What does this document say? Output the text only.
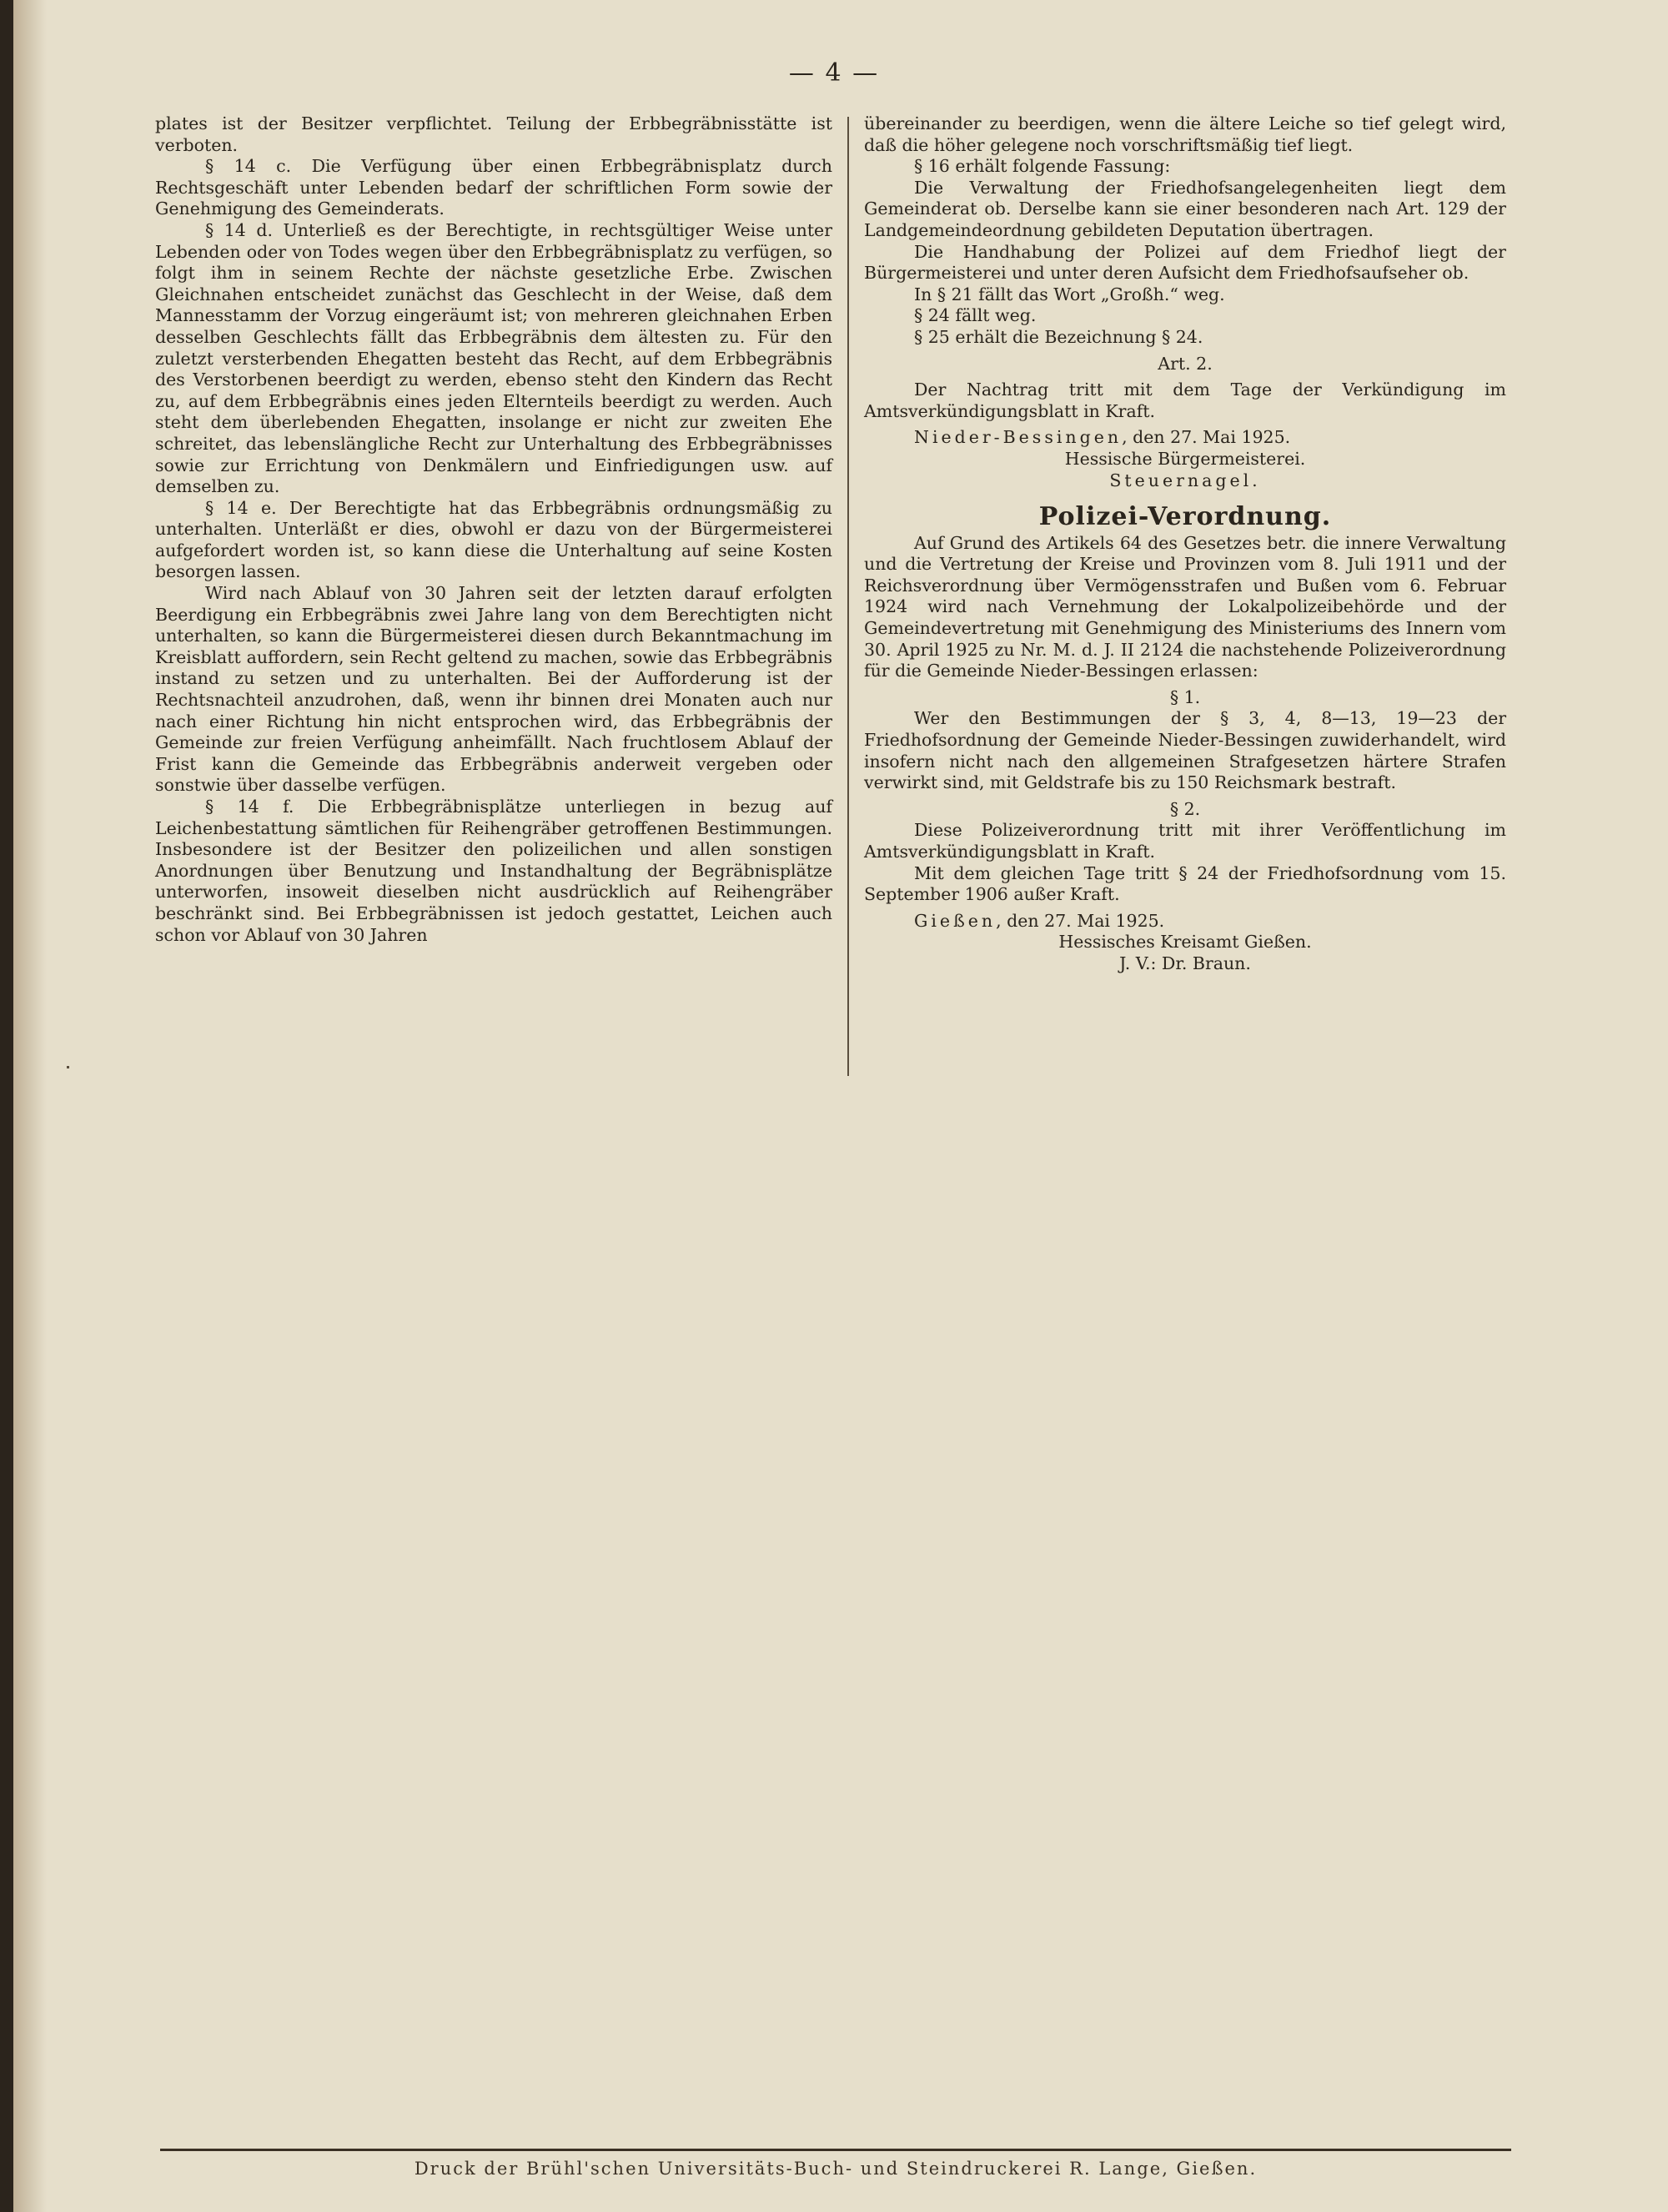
— 4 —

plates ist der Besitzer verpflichtet. Teilung der Erbbegräbnisstätte ist verboten.

§ 14 c. Die Verfügung über einen Erbbegräbnisplatz durch Rechtsgeschäft unter Lebenden bedarf der schriftlichen Form sowie der Genehmigung des Gemeinderats.

§ 14 d. Unterließ es der Berechtigte, in rechtsgültiger Weise unter Lebenden oder von Todes wegen über den Erbbegräbnisplatz zu verfügen, so folgt ihm in seinem Rechte der nächste gesetzliche Erbe. Zwischen Gleichnahen entscheidet zunächst das Geschlecht in der Weise, daß dem Mannesstamm der Vorzug eingeräumt ist; von mehreren gleichnahen Erben desselben Geschlechts fällt das Erbbegräbnis dem ältesten zu. Für den zuletzt versterbenden Ehegatten besteht das Recht, auf dem Erbbegräbnis des Verstorbenen beerdigt zu werden, ebenso steht den Kindern das Recht zu, auf dem Erbbegräbnis eines jeden Elternteils beerdigt zu werden. Auch steht dem überlebenden Ehegatten, insolange er nicht zur zweiten Ehe schreitet, das lebenslängliche Recht zur Unterhaltung des Erbbegräbnisses sowie zur Errichtung von Denkmälern und Einfriedigungen usw. auf demselben zu.

§ 14 e. Der Berechtigte hat das Erbbegräbnis ordnungsmäßig zu unterhalten. Unterläßt er dies, obwohl er dazu von der Bürgermeisterei aufgefordert worden ist, so kann diese die Unterhaltung auf seine Kosten besorgen lassen.

Wird nach Ablauf von 30 Jahren seit der letzten darauf erfolgten Beerdigung ein Erbbegräbnis zwei Jahre lang von dem Berechtigten nicht unterhalten, so kann die Bürgermeisterei diesen durch Bekanntmachung im Kreisblatt auffordern, sein Recht geltend zu machen, sowie das Erbbegräbnis instand zu setzen und zu unterhalten. Bei der Aufforderung ist der Rechtsnachteil anzudrohen, daß, wenn ihr binnen drei Monaten auch nur nach einer Richtung hin nicht entsprochen wird, das Erbbegräbnis der Gemeinde zur freien Verfügung anheimfällt. Nach fruchtlosem Ablauf der Frist kann die Gemeinde das Erbbegräbnis anderweit vergeben oder sonstwie über dasselbe verfügen.

§ 14 f. Die Erbbegräbnisplätze unterliegen in bezug auf Leichenbestattung sämtlichen für Reihengräber getroffenen Bestimmungen. Insbesondere ist der Besitzer den polizeilichen und allen sonstigen Anordnungen über Benutzung und Instandhaltung der Begräbnisplätze unterworfen, insoweit dieselben nicht ausdrücklich auf Reihengräber beschränkt sind. Bei Erbbegräbnissen ist jedoch gestattet, Leichen auch schon vor Ablauf von 30 Jahren

übereinander zu beerdigen, wenn die ältere Leiche so tief gelegt wird, daß die höher gelegene noch vorschriftsmäßig tief liegt.

§ 16 erhält folgende Fassung:

Die Verwaltung der Friedhofsangelegenheiten liegt dem Gemeinderat ob. Derselbe kann sie einer besonderen nach Art. 129 der Landgemeindeordnung gebildeten Deputation übertragen.

Die Handhabung der Polizei auf dem Friedhof liegt der Bürgermeisterei und unter deren Aufsicht dem Friedhofsaufseher ob.

In § 21 fällt das Wort „Großh.“ weg.

§ 24 fällt weg.

§ 25 erhält die Bezeichnung § 24.

Art. 2.

Der Nachtrag tritt mit dem Tage der Verkündigung im Amtsverkündigungsblatt in Kraft.

Nieder-Bessingen, den 27. Mai 1925.

Hessische Bürgermeisterei.

Steuernagel.

Polizei-Verordnung.

Auf Grund des Artikels 64 des Gesetzes betr. die innere Verwaltung und die Vertretung der Kreise und Provinzen vom 8. Juli 1911 und der Reichsverordnung über Vermögensstrafen und Bußen vom 6. Februar 1924 wird nach Vernehmung der Lokalpolizeibehörde und der Gemeindevertretung mit Genehmigung des Ministeriums des Innern vom 30. April 1925 zu Nr. M. d. J. II 2124 die nachstehende Polizeiverordnung für die Gemeinde Nieder-Bessingen erlassen:

§ 1.

Wer den Bestimmungen der § 3, 4, 8—13, 19—23 der Friedhofsordnung der Gemeinde Nieder-Bessingen zuwiderhandelt, wird insofern nicht nach den allgemeinen Strafgesetzen härtere Strafen verwirkt sind, mit Geldstrafe bis zu 150 Reichsmark bestraft.

§ 2.

Diese Polizeiverordnung tritt mit ihrer Veröffentlichung im Amtsverkündigungsblatt in Kraft.

Mit dem gleichen Tage tritt § 24 der Friedhofsordnung vom 15. September 1906 außer Kraft.

Gießen, den 27. Mai 1925.

Hessisches Kreisamt Gießen.

J. V.: Dr. Braun.

Druck der Brühl'schen Universitäts-Buch- und Steindruckerei R. Lange, Gießen.
